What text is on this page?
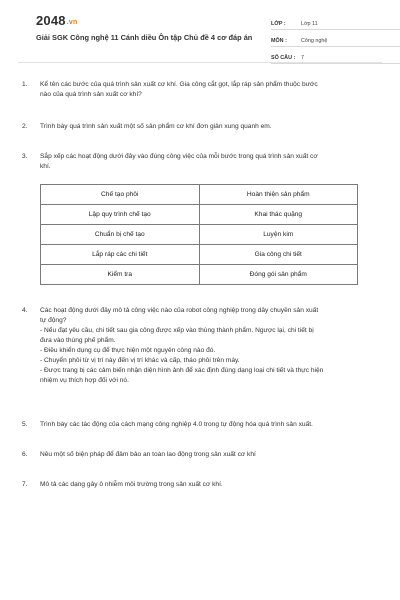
2048.vn
Giải SGK Công nghệ 11 Cánh diều Ôn tập Chủ đề 4 cơ đáp án
LỚP :	Lớp 11
MÔN :	Công nghệ
SỐ CÂU :	7
1.	Kể tên các bước của quá trình sản xuất cơ khí. Gia công cắt gọt, lắp ráp sản phẩm thuộc bước
nào của quá trình sản xuất cơ khí?
2.	Trình bày quá trình sản xuất một số sản phẩm cơ khí đơn giản xung quanh em.
3.	Sắp xếp các hoạt động dưới đây vào đúng công việc của mỗi bước trong quá trình sản xuất cơ
khí.
4.	Các hoạt động dưới đây mô tả công việc nào của robot công nghiệp trong dây chuyền sản xuất
tự động?
- Nếu đạt yêu cầu, chi tiết sau gia công được xếp vào thùng thành phẩm. Ngược lại, chi tiết bị
đưa vào thùng phế phẩm.
- Điều khiển dụng cụ để thực hiện một nguyên công nào đó.
- Chuyển phôi từ vị trí này đến vị trí khác và cấp, tháo phôi trên máy.
- Được trang bị các cảm biến nhận diện hình ảnh để xác định đúng dạng loại chi tiết và thực hiện
nhiệm vụ thích hợp đối với nó.
5.	Trình bày các tác động của cách mạng công nghiệp 4.0 trong tự động hóa quá trình sản xuất.
6.	Nêu một số biện pháp để đảm bảo an toàn lao động trong sản xuất cơ khí
7.	Mô tả các dạng gây ô nhiễm môi trường trong sản xuất cơ khí.
Chế tạo phôi	Hoàn thiện sản phẩm
Lập quy trình chế tạo	Khai thác quặng
Chuẩn bị chế tạo	Luyện kim
Lắp ráp các chi tiết	Gia công chi tiết
Kiểm tra	Đóng gói sản phẩm
